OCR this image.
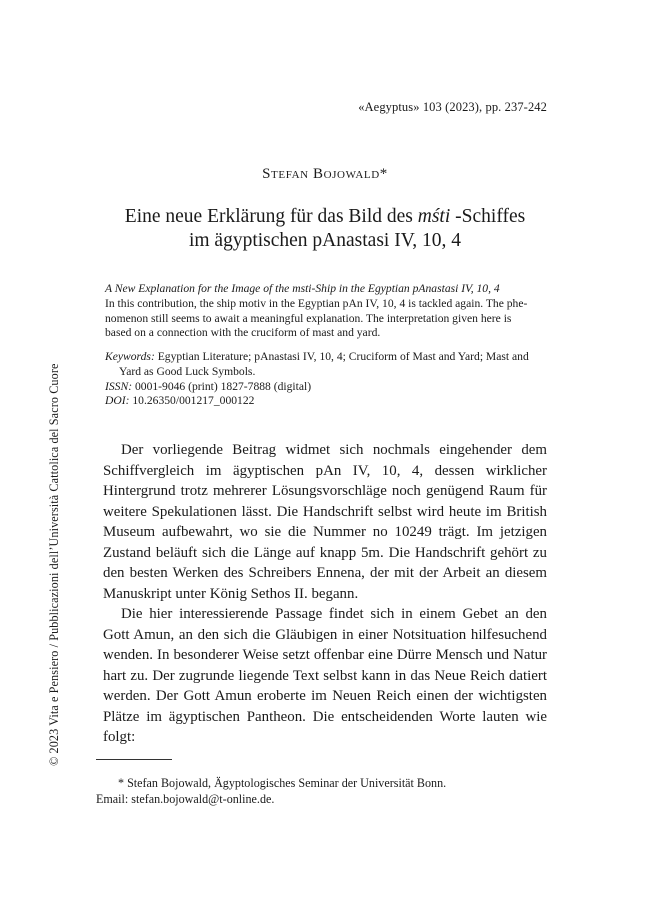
«Aegyptus» 103 (2023), pp. 237-242
Stefan Bojowald*
Eine neue Erklärung für das Bild des mśti -Schiffes
im ägyptischen pAnastasi IV, 10, 4
A New Explanation for the Image of the msti-Ship in the Egyptian pAnastasi IV, 10, 4
In this contribution, the ship motiv in the Egyptian pAn IV, 10, 4 is tackled again. The phe-
nomenon still seems to await a meaningful explanation. The interpretation given here is
based on a connection with the cruciform of mast and yard.
Keywords: Egyptian Literature; pAnastasi IV, 10, 4; Cruciform of Mast and Yard; Mast and
Yard as Good Luck Symbols.
ISSN: 0001-9046 (print) 1827-7888 (digital)
DOI: 10.26350/001217_000122
© 2023 Vita e Pensiero / Pubblicazioni dell’Università Cattolica del Sacro Cuore	Der vorliegende Beitrag widmet sich nochmals eingehender dem Schiffvergleich im ägyptischen pAn IV, 10, 4, dessen wirklicher Hintergrund trotz mehrerer Lösungsvorschläge noch genügend Raum für weitere Spekulationen lässt. Die Handschrift selbst wird heute im British Museum aufbewahrt, wo sie die Nummer no 10249 trägt. Im jetzigen Zustand beläuft sich die Länge auf knapp 5m. Die Handschrift gehört zu den besten Werken des Schreibers Ennena, der mit der Arbeit an diesem Manuskript unter König Sethos II. begann.
Die hier interessierende Passage findet sich in einem Gebet an den Gott Amun, an den sich die Gläubigen in einer Notsituation hilfesuchend wenden. In besonderer Weise setzt offenbar eine Dürre Mensch und Natur hart zu. Der zugrunde liegende Text selbst kann in das Neue Reich datiert werden. Der Gott Amun eroberte im Neuen Reich einen der wichtigsten Plätze im ägyptischen Pantheon. Die entscheidenden Worte lauten wie folgt:
* Stefan Bojowald, Ägyptologisches Seminar der Universität Bonn.
Email: stefan.bojowald@t-online.de.
